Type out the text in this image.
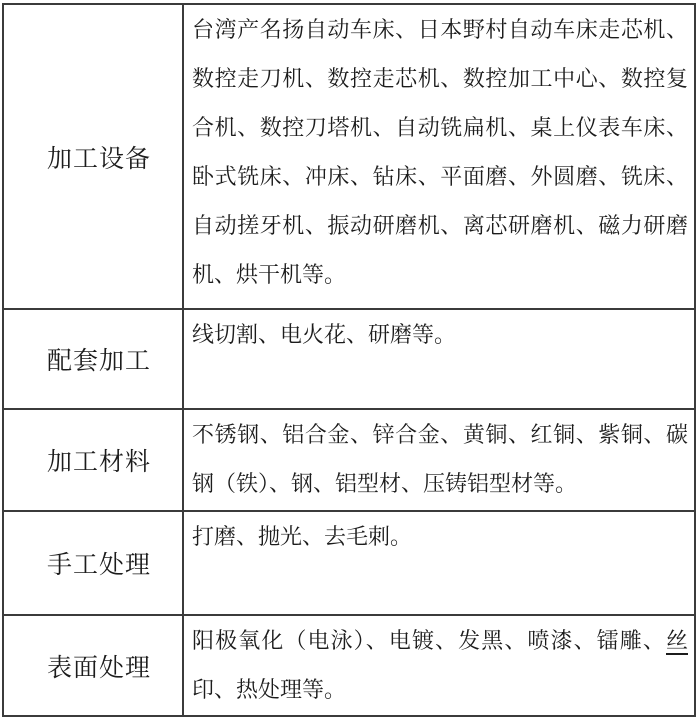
加工设备
台湾产名扬自动车床、日本野村自动车床走芯机、数控走刀机、数控走芯机、数控加工中心、数控复合机、数控刀塔机、自动铣扁机、桌上仪表车床、卧式铣床、冲床、钻床、平面磨、外圆磨、铣床、自动搓牙机、振动研磨机、离芯研磨机、磁力研磨机、烘干机等。
配套加工
线切割、电火花、研磨等。
加工材料
不锈钢、铝合金、锌合金、黄铜、红铜、紫铜、碳钢（铁）、钢、铝型材、压铸铝型材等。
手工处理
打磨、抛光、去毛刺。
表面处理
阳极氧化（电泳）、电镀、发黑、喷漆、镭雕、丝印、热处理等。
